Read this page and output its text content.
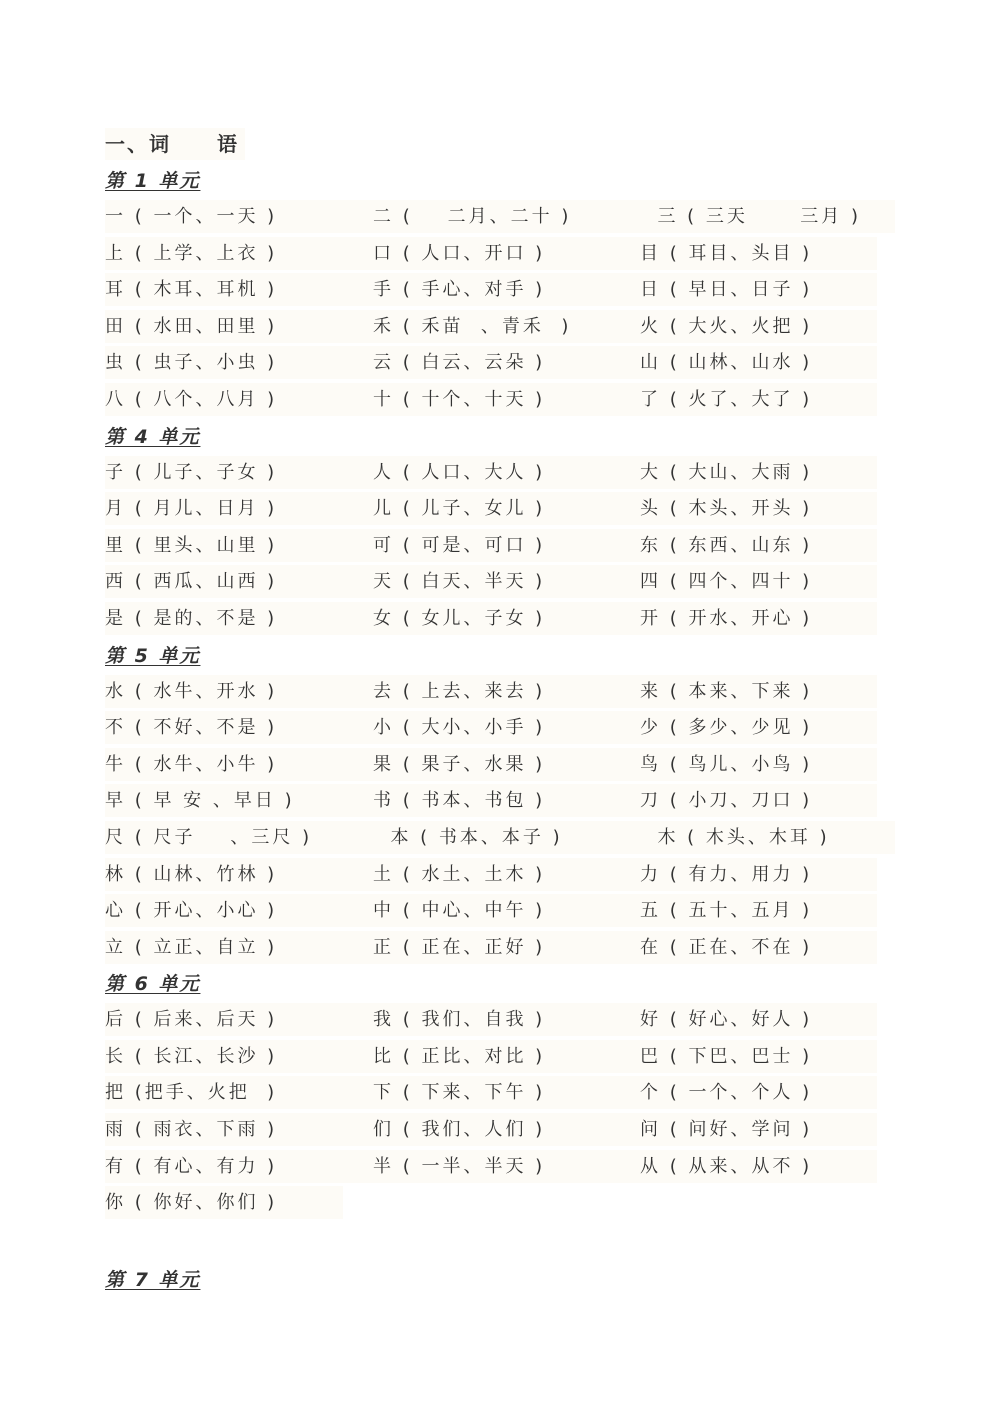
一、词 语
第 1 单元
一 ( 一个、一天 )	二 (    二月、二十 )	三 ( 三天      三月 )
上 ( 上学、上衣 )	口 ( 人口、开口 )	目 ( 耳目、头目 )
耳 ( 木耳、耳机 )	手 ( 手心、对手 )	日 ( 早日、日子 )
田 ( 水田、田里 )	禾 ( 禾苗  、青禾  )	火 ( 大火、火把 )
虫 ( 虫子、小虫 )	云 ( 白云、云朵 )	山 ( 山林、山水 )
八 ( 八个、八月 )	十 ( 十个、十天 )	了 ( 火了、大了 )
第 4 单元
子 ( 儿子、子女 )	人 ( 人口、大人 )	大 ( 大山、大雨 )
月 ( 月儿、日月 )	儿 ( 儿子、女儿 )	头 ( 木头、开头 )
里 ( 里头、山里 )	可 ( 可是、可口 )	东 ( 东西、山东 )
西 ( 西瓜、山西 )	天 ( 白天、半天 )	四 ( 四个、四十 )
是 ( 是的、不是 )	女 ( 女儿、子女 )	开 ( 开水、开心 )
第 5 单元
水 ( 水牛、开水 )	去 ( 上去、来去 )	来 ( 本来、下来 )
不 ( 不好、不是 )	小 ( 大小、小手 )	少 ( 多少、少见 )
牛 ( 水牛、小牛 )	果 ( 果子、水果 )	鸟 ( 鸟儿、小鸟 )
早 ( 早 安 、早日 )	书 ( 书本、书包 )	刀 ( 小刀、刀口 )
尺 ( 尺子    、三尺 )	本 ( 书本、本子 )	木 ( 木头、木耳 )
林 ( 山林、竹林 )	土 ( 水土、土木 )	力 ( 有力、用力 )
心 ( 开心、小心 )	中 ( 中心、中午 )	五 ( 五十、五月 )
立 ( 立正、自立 )	正 ( 正在、正好 )	在 ( 正在、不在 )
第 6 单元
后 ( 后来、后天 )	我 ( 我们、自我 )	好 ( 好心、好人 )
长 ( 长江、长沙 )	比 ( 正比、对比 )	巴 ( 下巴、巴士 )
把 (把手、火把  )	下 ( 下来、下午 )	个 ( 一个、个人 )
雨 ( 雨衣、下雨 )	们 ( 我们、人们 )	问 ( 问好、学问 )
有 ( 有心、有力 )	半 ( 一半、半天 )	从 ( 从来、从不 )
你 ( 你好、你们 )
第 7 单元
